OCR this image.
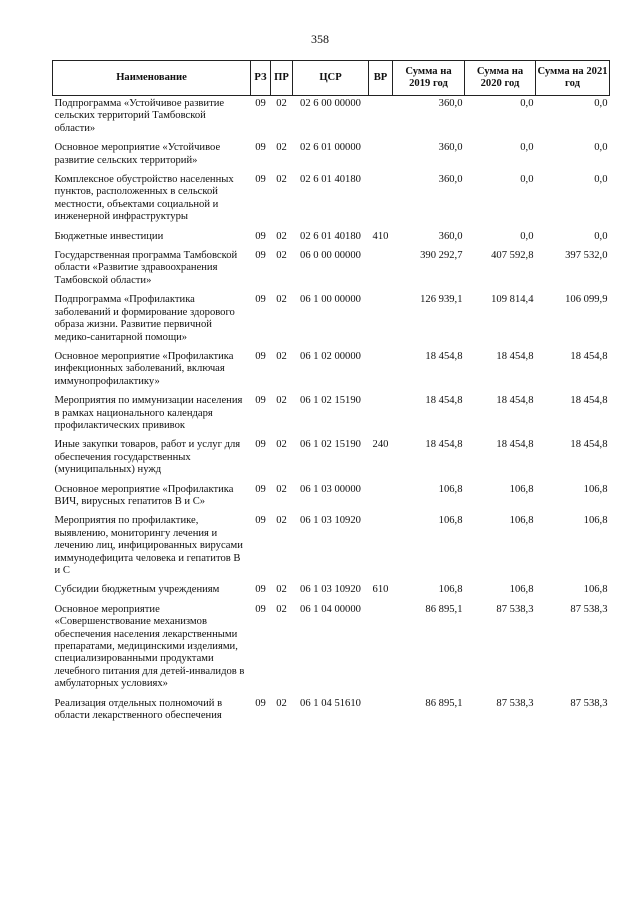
358
Наименование	РЗ	ПР	ЦСР	ВР	Сумма на 2019 год	Сумма на 2020 год	Сумма на 2021 год
Подпрограмма «Устойчивое развитие сельских территорий Тамбовской области»	09	02	02 6 00 00000		360,0	0,0	0,0
Основное мероприятие «Устойчивое развитие сельских территорий»	09	02	02 6 01 00000		360,0	0,0	0,0
Комплексное обустройство населенных пунктов, расположенных в сельской местности, объектами социальной и инженерной инфраструктуры	09	02	02 6 01 40180		360,0	0,0	0,0
Бюджетные инвестиции	09	02	02 6 01 40180	410	360,0	0,0	0,0
Государственная программа Тамбовской области «Развитие здравоохранения Тамбовской области»	09	02	06 0 00 00000		390 292,7	407 592,8	397 532,0
Подпрограмма «Профилактика заболеваний и формирование здорового образа жизни. Развитие первичной медико-санитарной помощи»	09	02	06 1 00 00000		126 939,1	109 814,4	106 099,9
Основное мероприятие «Профилактика инфекционных заболеваний, включая иммунопрофилактику»	09	02	06 1 02 00000		18 454,8	18 454,8	18 454,8
Мероприятия по иммунизации населения в рамках национального календаря профилактических прививок	09	02	06 1 02 15190		18 454,8	18 454,8	18 454,8
Иные закупки товаров, работ и услуг для обеспечения государственных (муниципальных) нужд	09	02	06 1 02 15190	240	18 454,8	18 454,8	18 454,8
Основное мероприятие «Профилактика ВИЧ, вирусных гепатитов В и С»	09	02	06 1 03 00000		106,8	106,8	106,8
Мероприятия по профилактике, выявлению, мониторингу лечения и лечению лиц, инфицированных вирусами иммунодефицита человека и гепатитов В и С	09	02	06 1 03 10920		106,8	106,8	106,8
Субсидии бюджетным учреждениям	09	02	06 1 03 10920	610	106,8	106,8	106,8
Основное мероприятие «Совершенствование механизмов обеспечения населения лекарственными препаратами, медицинскими изделиями, специализированными продуктами лечебного питания для детей-инвалидов в амбулаторных условиях»	09	02	06 1 04 00000		86 895,1	87 538,3	87 538,3
Реализация отдельных полномочий в области лекарственного обеспечения	09	02	06 1 04 51610		86 895,1	87 538,3	87 538,3
